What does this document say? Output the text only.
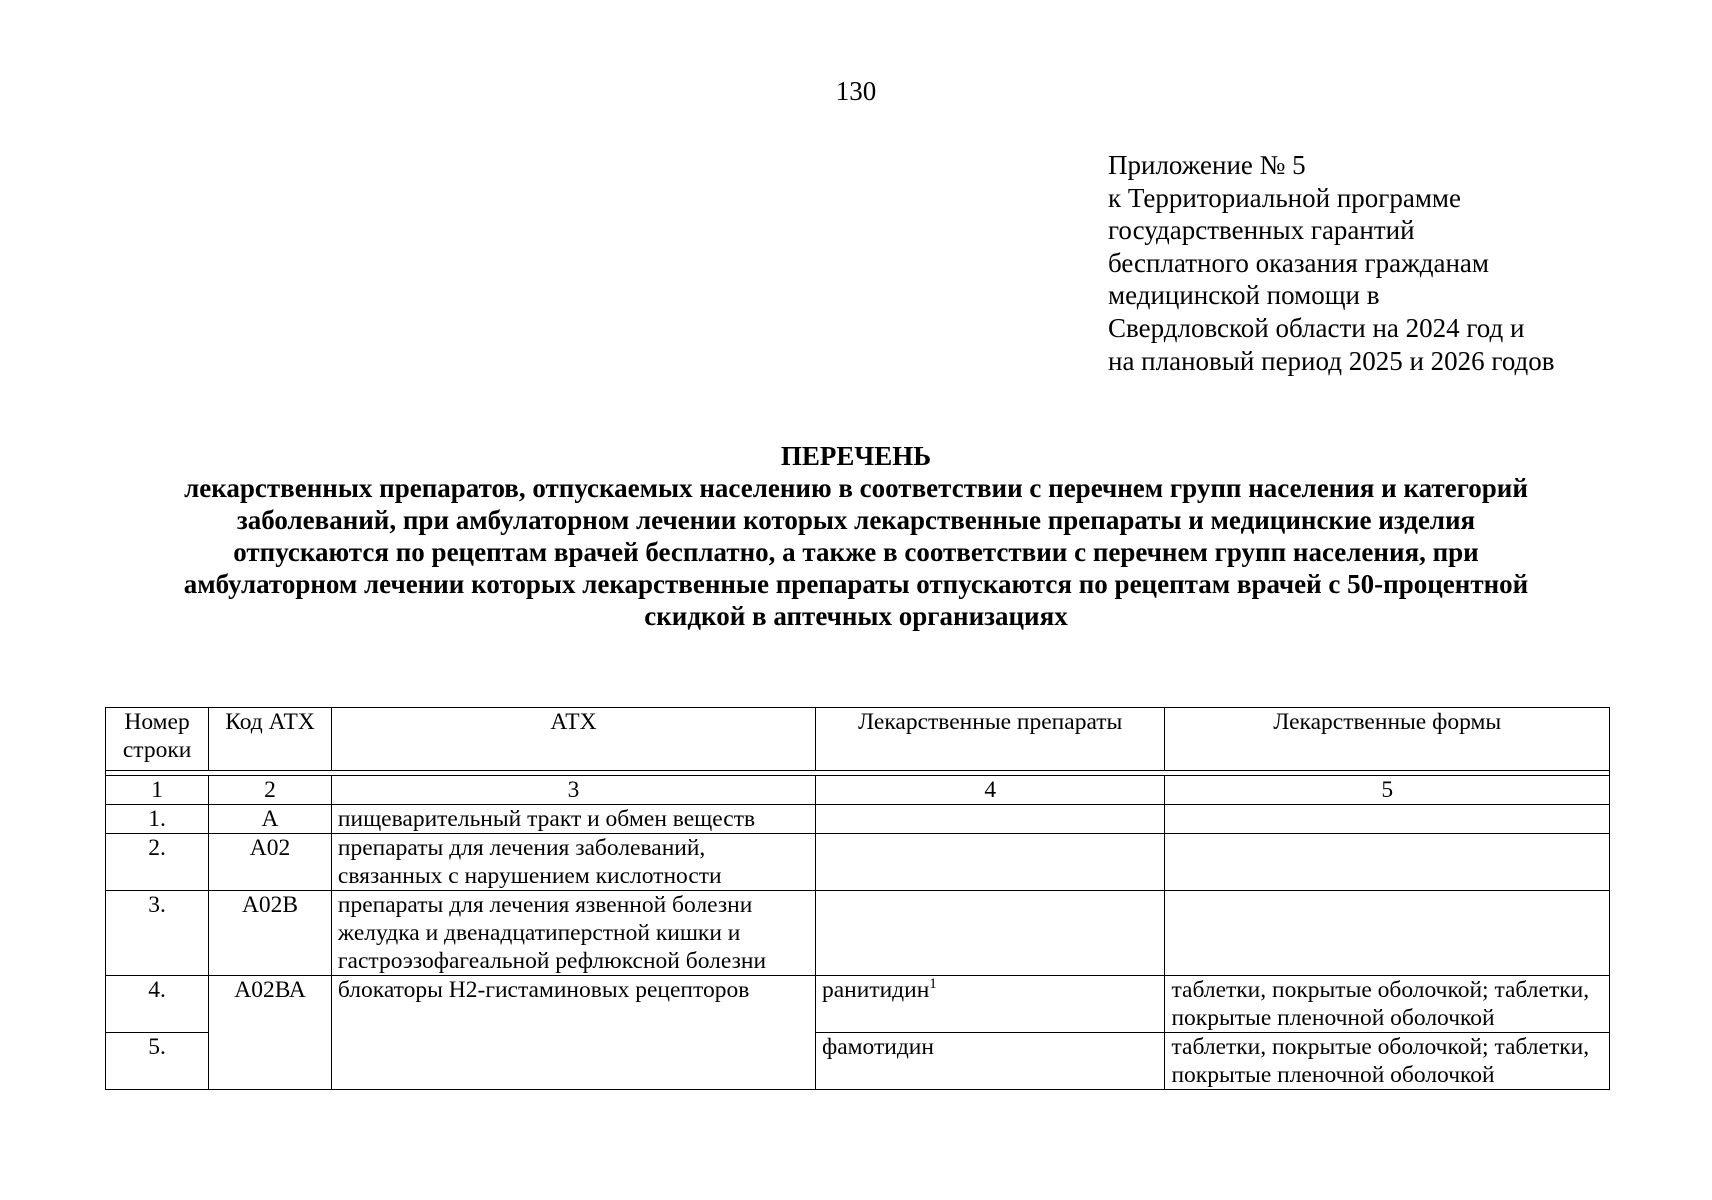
130
Приложение № 5
к Территориальной программе
государственных гарантий
бесплатного оказания гражданам
медицинской помощи в
Свердловской области на 2024 год и
на плановый период 2025 и 2026 годов
ПЕРЕЧЕНЬ
лекарственных препаратов, отпускаемых населению в соответствии с перечнем групп населения и категорий
заболеваний, при амбулаторном лечении которых лекарственные препараты и медицинские изделия
отпускаются по рецептам врачей бесплатно, а также в соответствии с перечнем групп населения, при
амбулаторном лечении которых лекарственные препараты отпускаются по рецептам врачей с 50-процентной
скидкой в аптечных организациях
Номер строки	Код АТХ	АТХ	Лекарственные препараты	Лекарственные формы

1	2	3	4	5
1.	А	пищеварительный тракт и обмен веществ		
2.	А02	препараты для лечения заболеваний, связанных с нарушением кислотности		
3.	А02В	препараты для лечения язвенной болезни желудка и двенадцатиперстной кишки и гастроэзофагеальной рефлюксной болезни		
4.	А02ВА	блокаторы Н2-гистаминовых рецепторов	ранитидин$^1$	таблетки, покрытые оболочкой; таблетки, покрытые пленочной оболочкой
5.			фамотидин	таблетки, покрытые оболочкой; таблетки, покрытые пленочной оболочкой
